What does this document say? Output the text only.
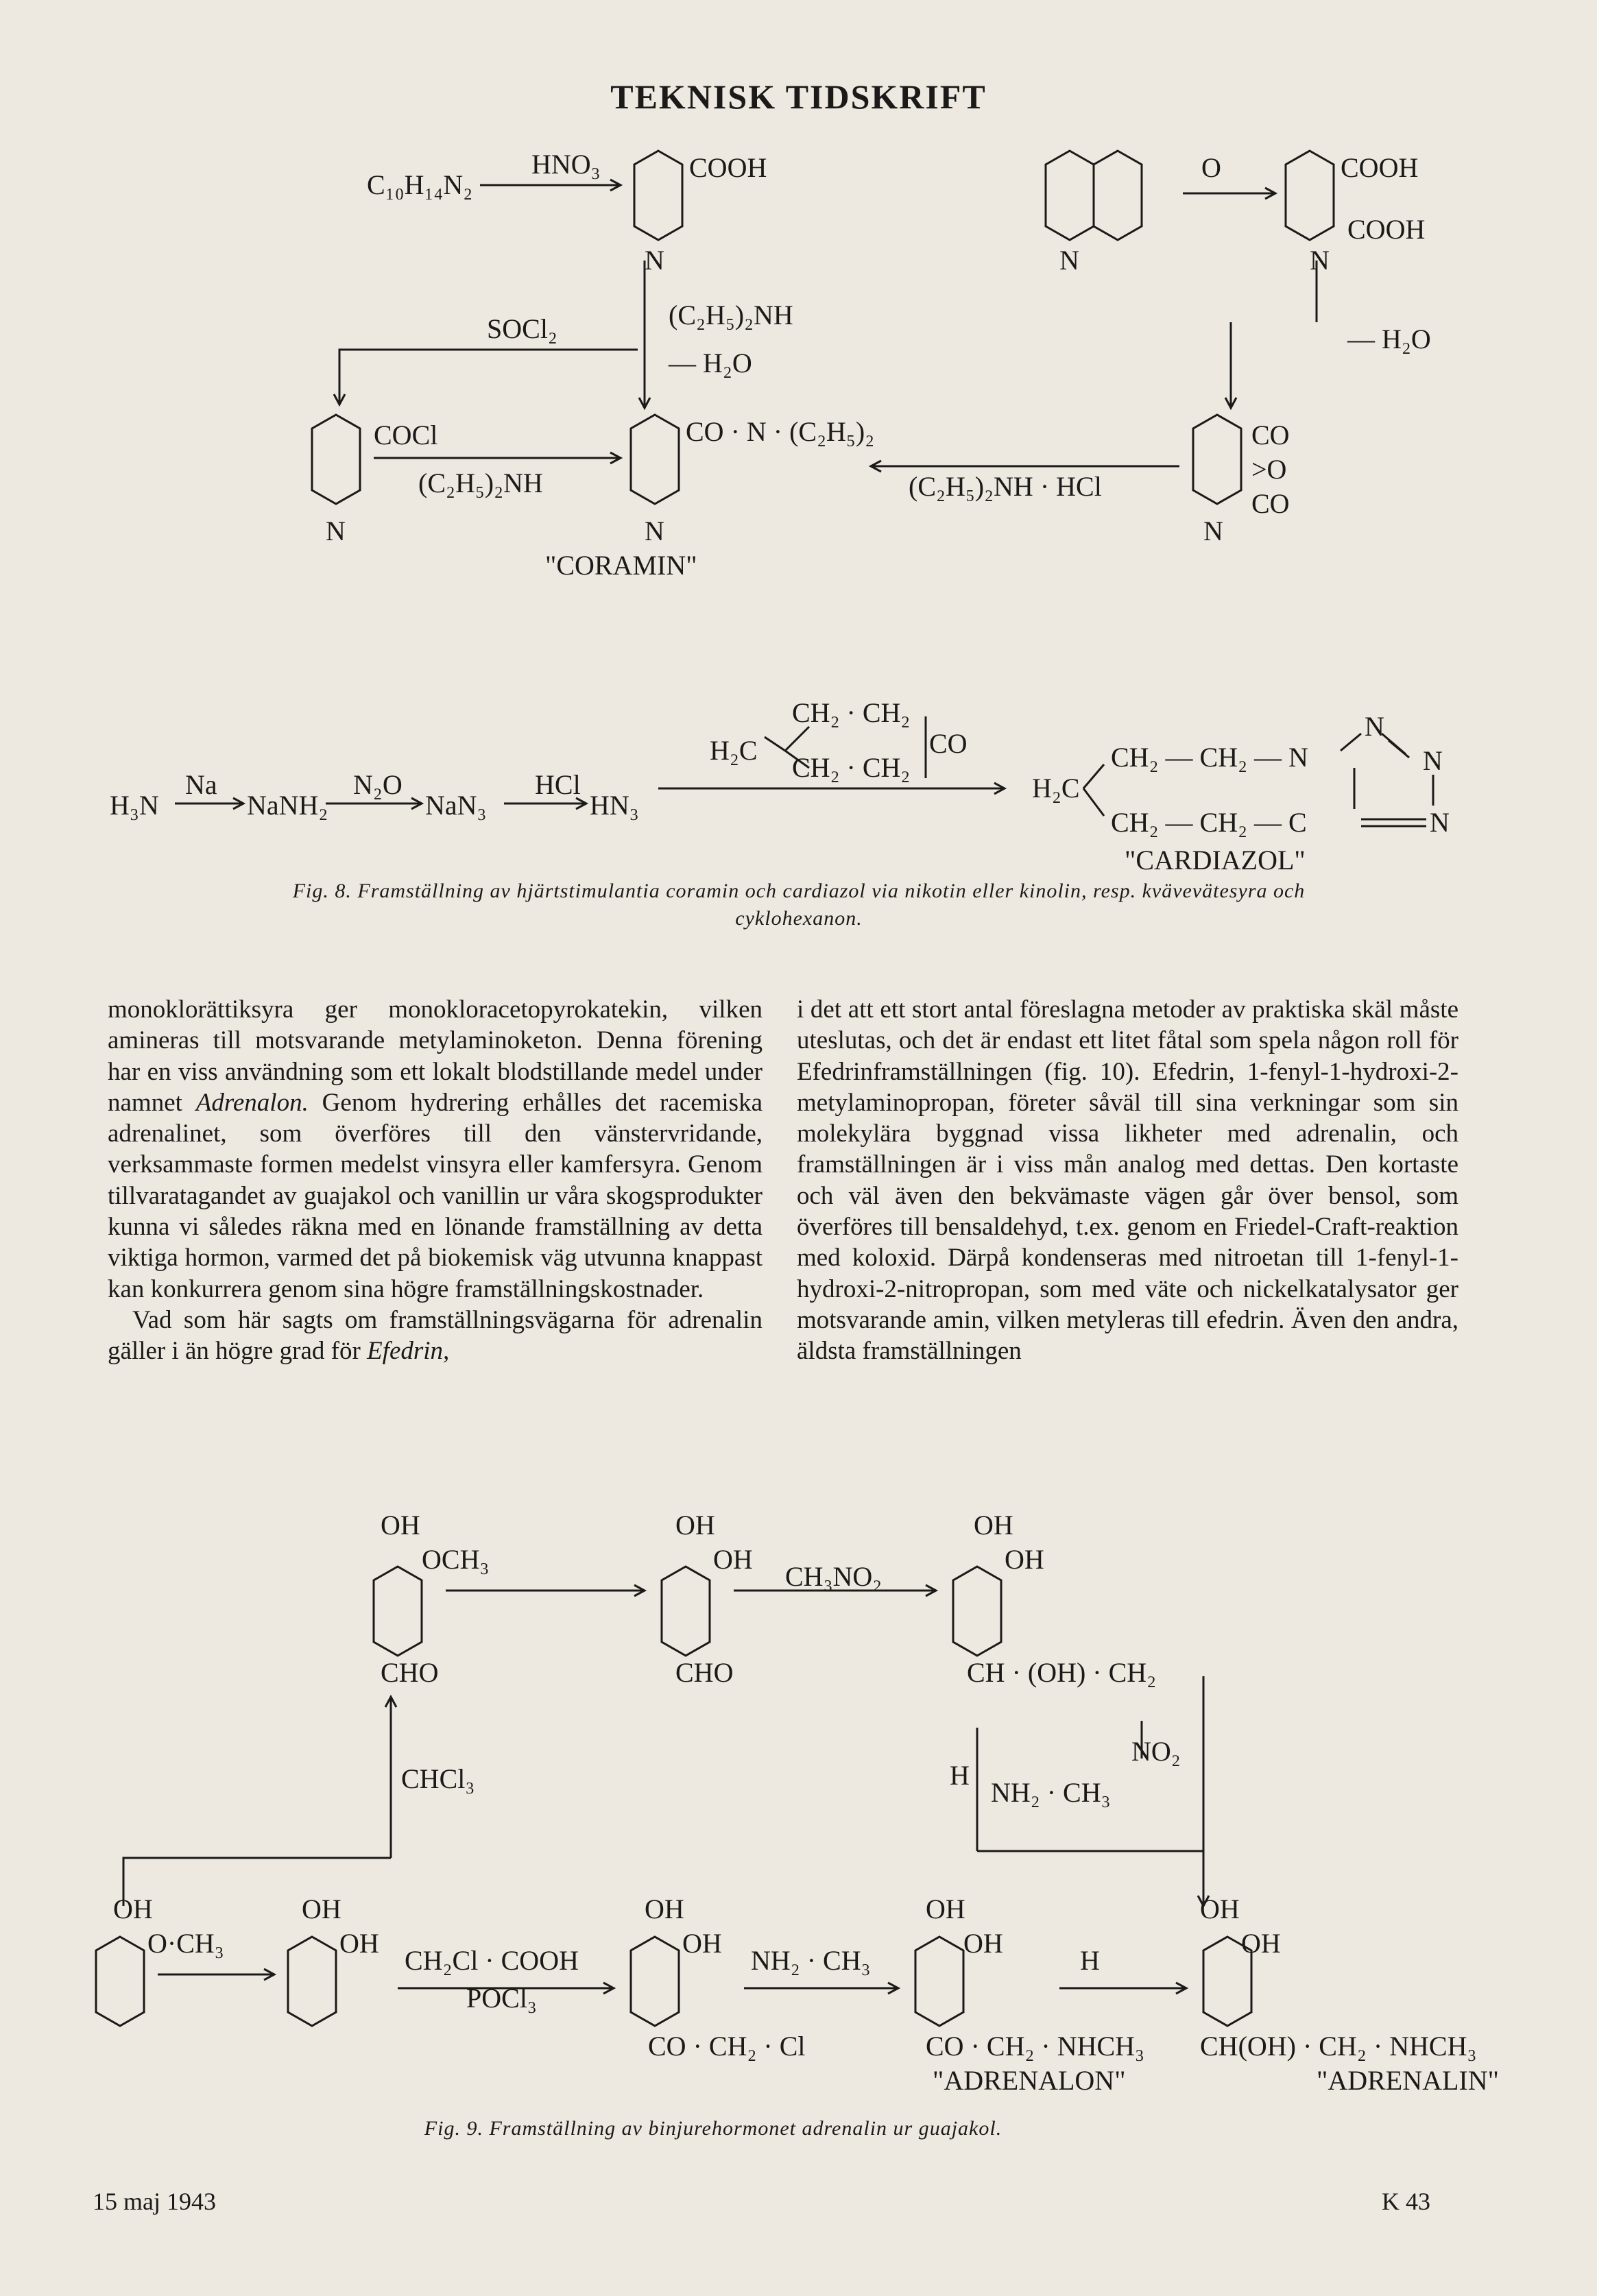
TEKNISK TIDSKRIFT
C₁₀H₁₄N₂
HNO₃	COOH
N
SOCl₂	(C₂H₅)₂NH
— H₂O
COCl	CO · N · (C₂H₅)₂
(C₂H₅)₂NH	(C₂H₅)₂NH · HCl
N	N
"CORAMIN"
N
O	COOH
COOH
N
— H₂O
CO
>O
CO
N
H₃N
Na
NaNH₂
N₂O
NaN₃
HCl
HN₃
H₂C
CH₂ · CH₂
CH₂ · CH₂
CO
H₂C
CH₂ — CH₂ — N
CH₂ — CH₂ — C
N
N
N
"CARDIAZOL"
Fig. 8. Framställning av hjärtstimulantia coramin och cardiazol via nikotin eller kinolin, resp. kvävevätesyra och
cyklohexanon.

monoklorättiksyra ger monokloracetopyrokatekin, vilken amineras till motsvarande metylaminoketon. Denna förening har en viss användning som ett lokalt blodstillande medel under namnet Adrenalon. Genom hydrering erhålles det racemiska adrenalinet, som överföres till den vänstervridande, verksammaste formen medelst vinsyra eller kamfersyra. Genom tillvaratagandet av guajakol och vanillin ur våra skogsprodukter kunna vi således räkna med en lönande framställning av detta viktiga hormon, varmed det på biokemisk väg utvunna knappast kan konkurrera genom sina högre framställningskostnader.

Vad som här sagts om framställningsvägarna för adrenalin gäller i än högre grad för Efedrin,

i det att ett stort antal föreslagna metoder av praktiska skäl måste uteslutas, och det är endast ett litet fåtal som spela någon roll för Efedrinframställningen (fig. 10). Efedrin, 1-fenyl-1-hydroxi-2-metylaminopropan, företer såväl till sina verkningar som sin molekylära byggnad vissa likheter med adrenalin, och framställningen är i viss mån analog med dettas. Den kortaste och väl även den bekvämaste vägen går över bensol, som överföres till bensaldehyd, t.ex. genom en Friedel-Craft-reaktion med koloxid. Därpå kondenseras med nitroetan till 1-fenyl-1-hydroxi-2-nitropropan, som med väte och nickelkatalysator ger motsvarande amin, vilken metyleras till efedrin. Även den andra, äldsta framställningen

OH
OCH₃
CHO
OH
OH
CHO
CH₃NO₂
OH
OH
CH · (OH) · CH₂
NO₂
CHCl₃	H
NH₂ · CH₃
OH
O·CH₃
OH
OH
CH₂Cl · COOH
POCl₃
OH
OH
NH₂ · CH₃
CO · CH₂ · Cl
OH
OH
H
CO · CH₂ · NHCH₃
"ADRENALON"
OH
OH
CH(OH) · CH₂ · NHCH₃
"ADRENALIN"
Fig. 9. Framställning av binjurehormonet adrenalin ur guajakol.
15 maj 1943	K 43
